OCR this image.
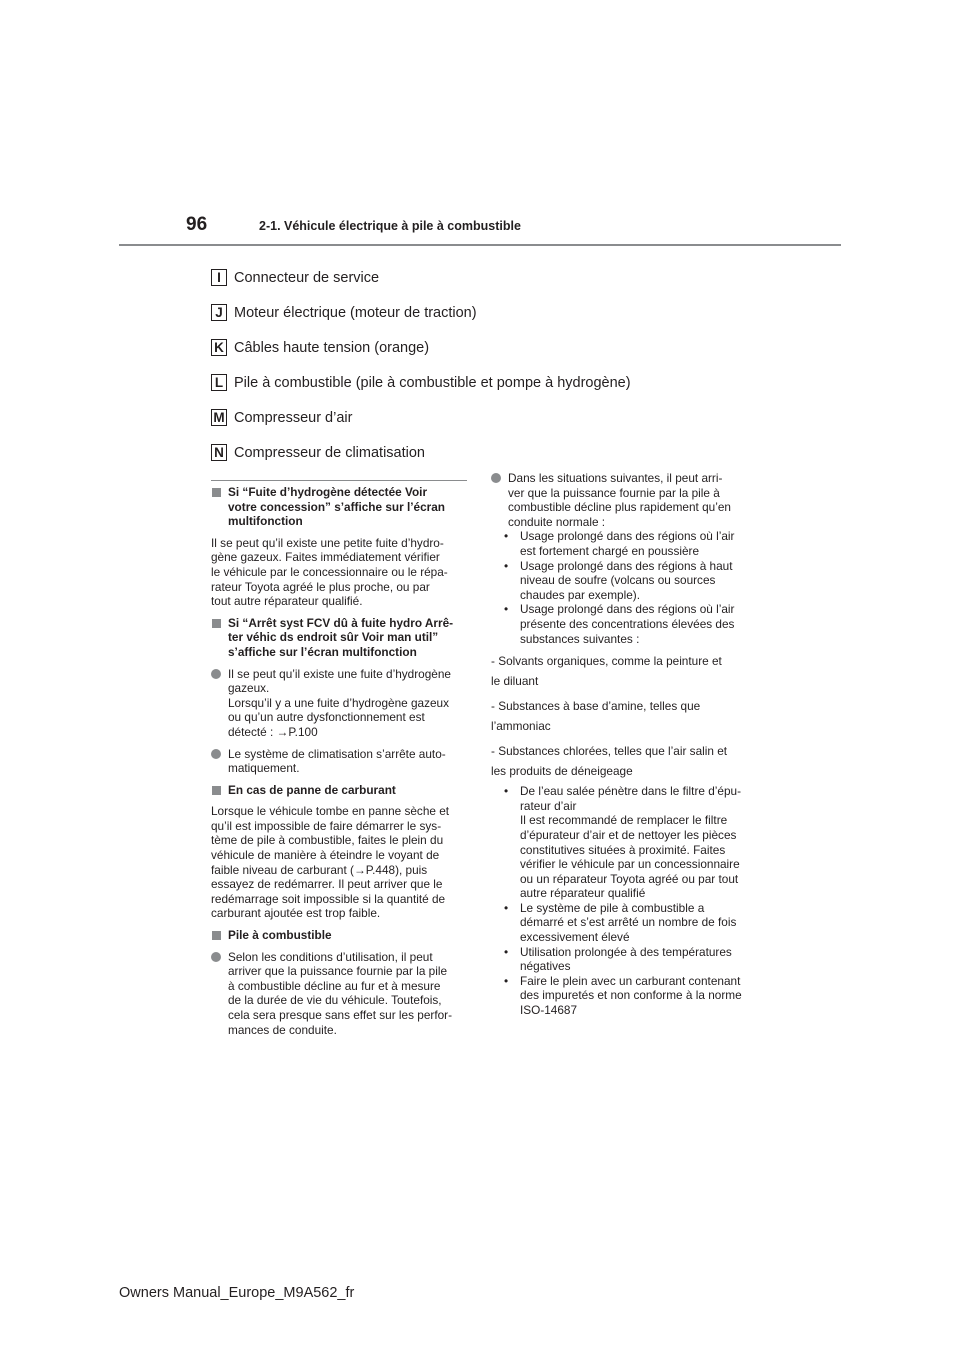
96	2-1. Véhicule électrique à pile à combustible
I Connecteur de service
J Moteur électrique (moteur de traction)
K Câbles haute tension (orange)
L Pile à combustible (pile à combustible et pompe à hydrogène)
M Compresseur d’air
N Compresseur de climatisation
Si “Fuite d’hydrogène détectée Voir
votre concession” s’affiche sur l’écran
multifonction
Il se peut qu’il existe une petite fuite d’hydro-
gène gazeux. Faites immédiatement vérifier
le véhicule par le concessionnaire ou le répa-
rateur Toyota agréé le plus proche, ou par
tout autre réparateur qualifié.
Si “Arrêt syst FCV dû à fuite hydro Arrê-
ter véhic ds endroit sûr Voir man util”
s’affiche sur l’écran multifonction
Il se peut qu’il existe une fuite d’hydrogène
gazeux.
Lorsqu’il y a une fuite d’hydrogène gazeux
ou qu’un autre dysfonctionnement est
détecté : →P.100
Le système de climatisation s’arrête auto-
matiquement.
En cas de panne de carburant
Lorsque le véhicule tombe en panne sèche et
qu’il est impossible de faire démarrer le sys-
tème de pile à combustible, faites le plein du
véhicule de manière à éteindre le voyant de
faible niveau de carburant (→P.448), puis
essayez de redémarrer. Il peut arriver que le
redémarrage soit impossible si la quantité de
carburant ajoutée est trop faible.
Pile à combustible
Selon les conditions d’utilisation, il peut
arriver que la puissance fournie par la pile
à combustible décline au fur et à mesure
de la durée de vie du véhicule. Toutefois,
cela sera presque sans effet sur les perfor-
mances de conduite.
Dans les situations suivantes, il peut arri-
ver que la puissance fournie par la pile à
combustible décline plus rapidement qu’en
conduite normale :
• Usage prolongé dans des régions où l’air
est fortement chargé en poussière
• Usage prolongé dans des régions à haut
niveau de soufre (volcans ou sources
chaudes par exemple).
• Usage prolongé dans des régions où l’air
présente des concentrations élevées des
substances suivantes :
- Solvants organiques, comme la peinture et
le diluant
- Substances à base d’amine, telles que
l’ammoniac
- Substances chlorées, telles que l’air salin et
les produits de déneigeage
• De l’eau salée pénètre dans le filtre d’épu-
rateur d’air
Il est recommandé de remplacer le filtre
d’épurateur d’air et de nettoyer les pièces
constitutives situées à proximité. Faites
vérifier le véhicule par un concessionnaire
ou un réparateur Toyota agréé ou par tout
autre réparateur qualifié
• Le système de pile à combustible a
démarré et s’est arrêté un nombre de fois
excessivement élevé
• Utilisation prolongée à des températures
négatives
• Faire le plein avec un carburant contenant
des impuretés et non conforme à la norme
ISO-14687
Owners Manual_Europe_M9A562_fr
